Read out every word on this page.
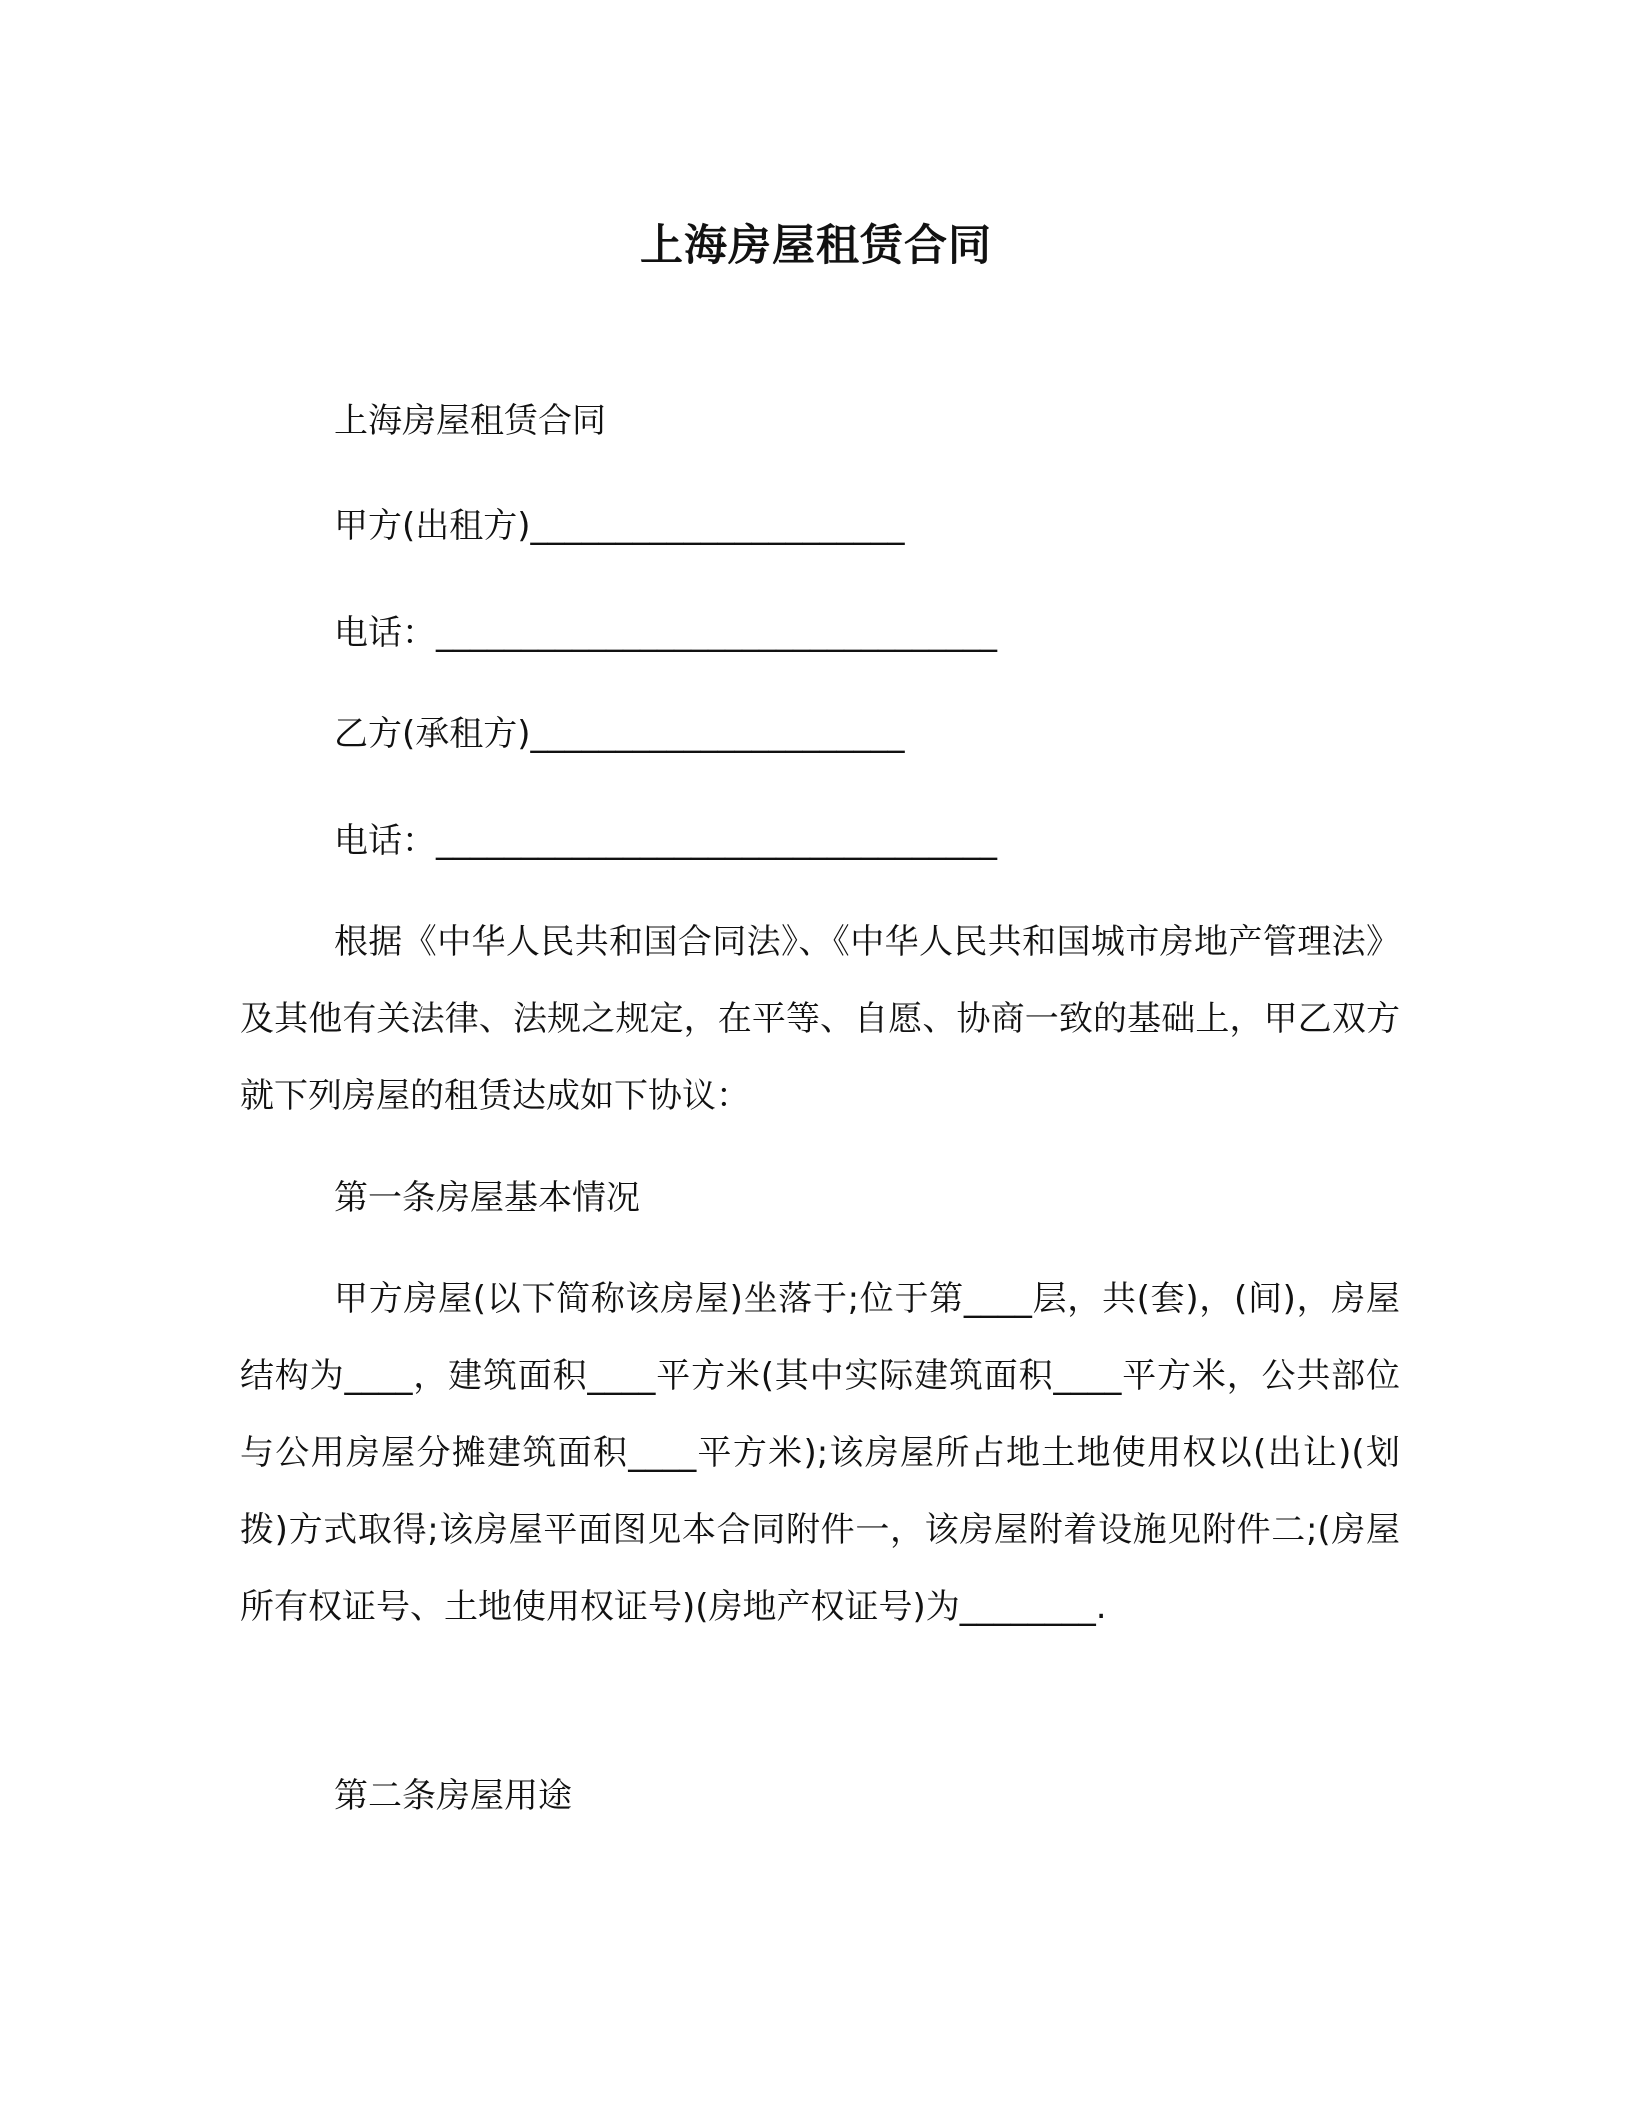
上海房屋租赁合同
上海房屋租赁合同
甲方(出租方)______________________
电话：_________________________________
乙方(承租方)______________________
电话：_________________________________
根据《中华人民共和国合同法》、《中华人民共和国城市房地产管理法》及其他有关法律、法规之规定，在平等、自愿、协商一致的基础上，甲乙双方就下列房屋的租赁达成如下协议：
第一条房屋基本情况
甲方房屋(以下简称该房屋)坐落于;位于第____层，共(套)，(间)，房屋结构为____，建筑面积____平方米(其中实际建筑面积____平方米，公共部位与公用房屋分摊建筑面积____平方米);该房屋所占地土地使用权以(出让)(划拨)方式取得;该房屋平面图见本合同附件一，该房屋附着设施见附件二;(房屋所有权证号、土地使用权证号)(房地产权证号)为________.
第二条房屋用途
